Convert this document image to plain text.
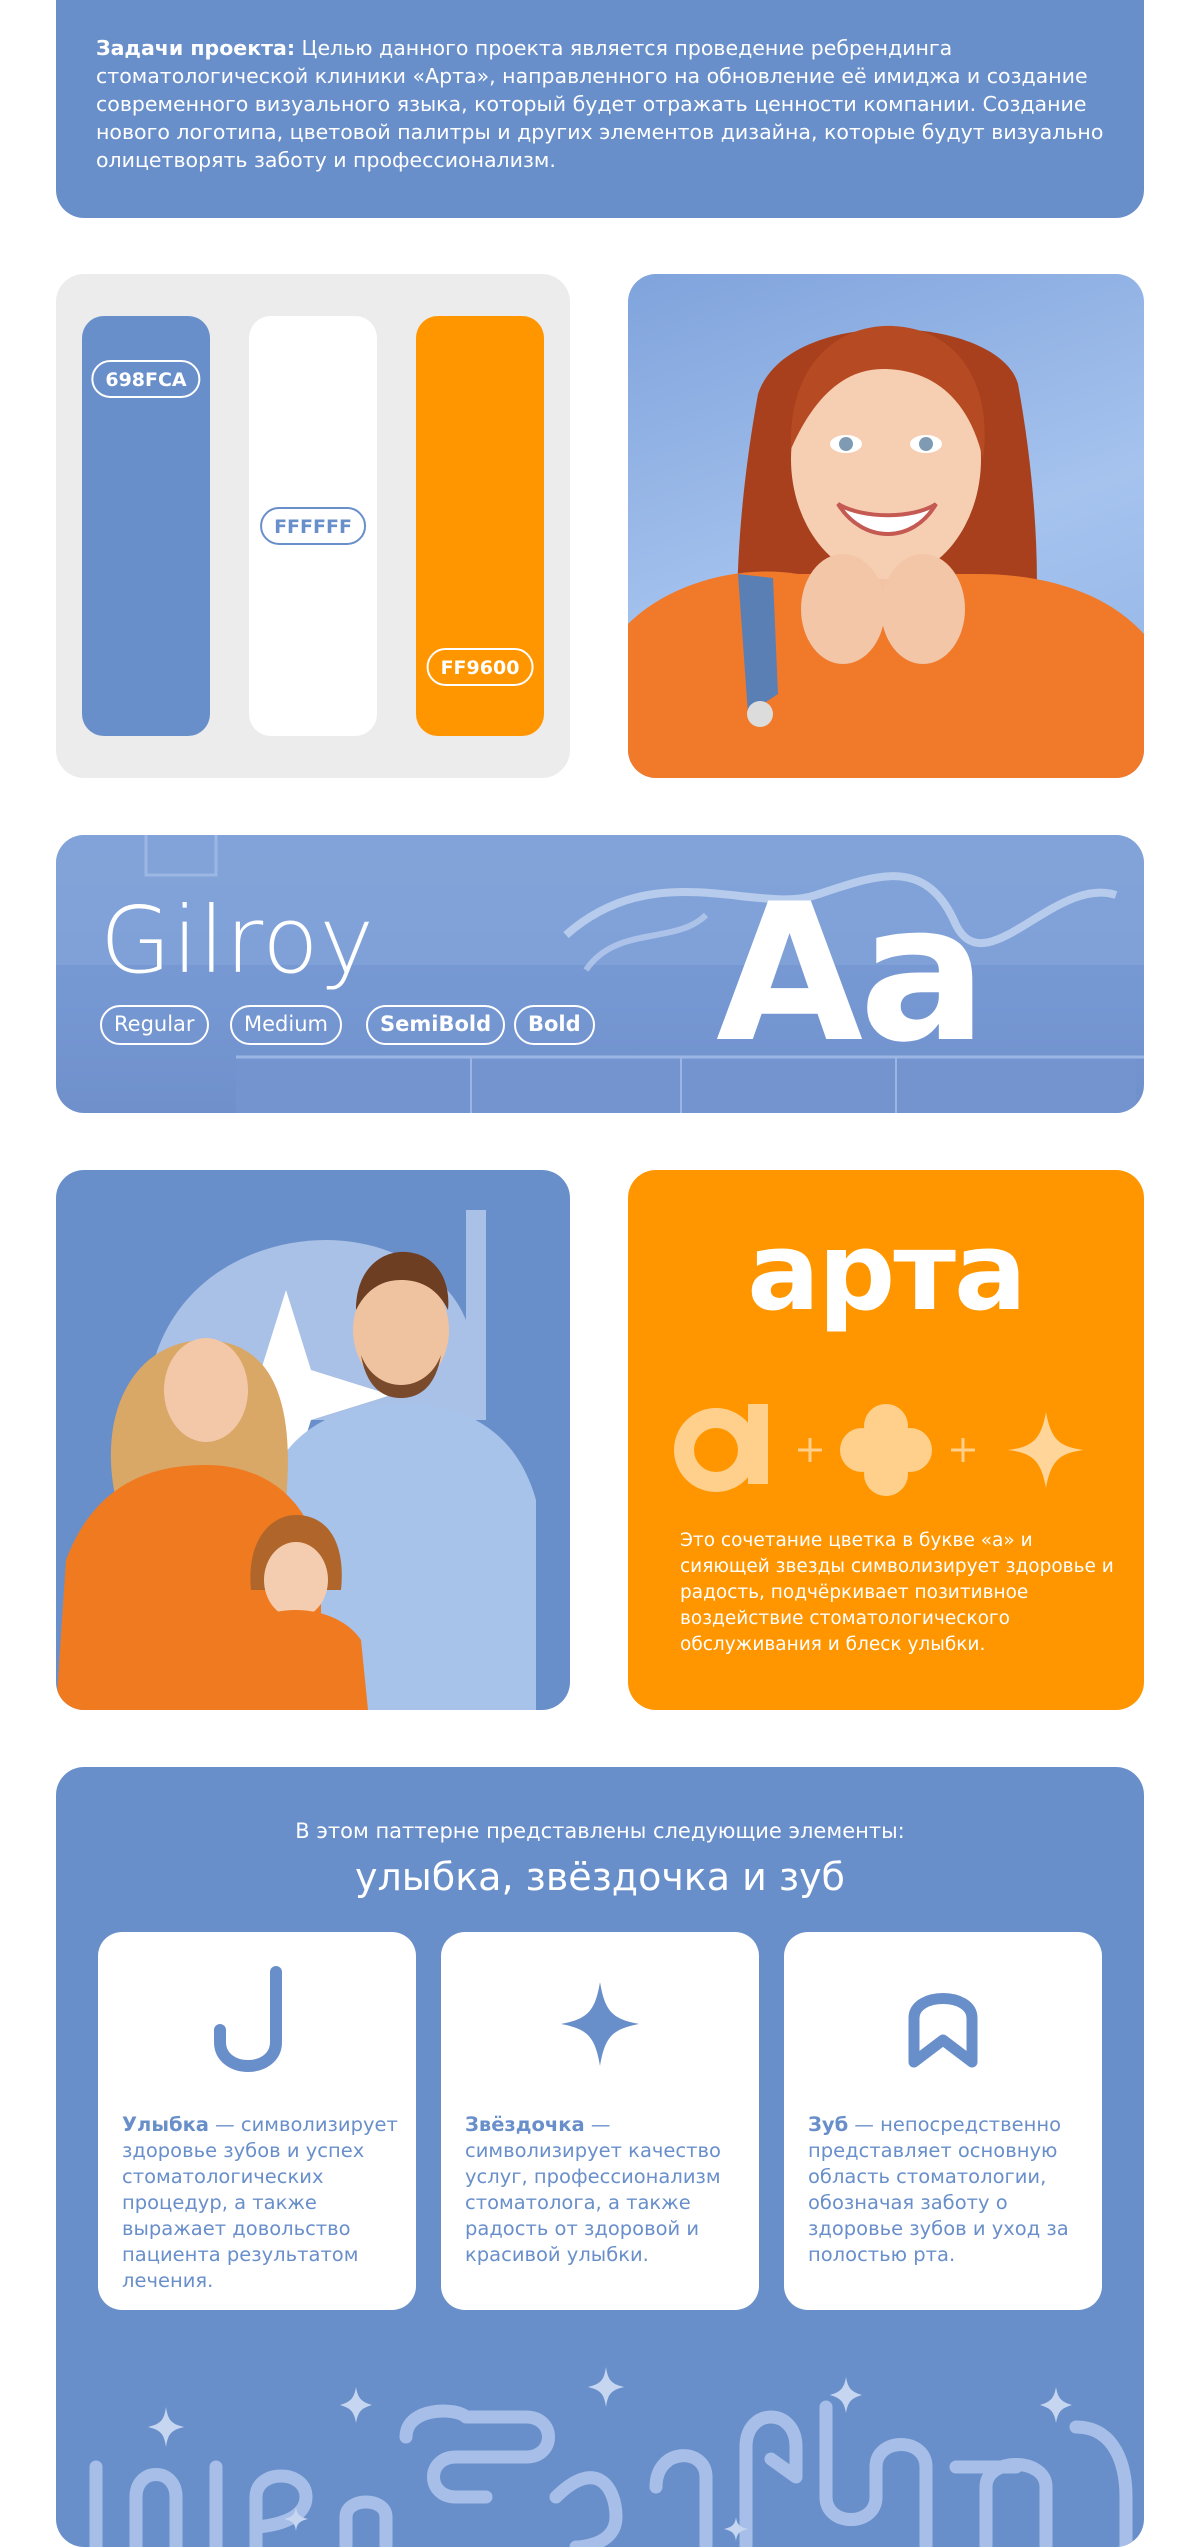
Задачи проекта: Целью данного проекта является проведение ребрендинга стоматологической клиники «Арта», направленного на обновление её имиджа и создание современного визуального языка, который будет отражать ценности компании. Создание нового логотипа, цветовой палитры и других элементов дизайна, которые будут визуально олицетворять заботу и профессионализм.

698FCA
FFFFFF
FF9600
Gilroy
Regular	Medium	SemiBold	Bold Aa
арта

Это сочетание цветка в букве «а» и сияющей звезды символизирует здоровье и радость, подчёркивает позитивное воздействие стоматологического обслуживания и блеск улыбки.

В этом паттерне представлены следующие элементы:
улыбка, звёздочка и зуб

Улыбка — символизирует здоровье зубов и успех стоматологических процедур, а также выражает довольство пациента результатом лечения.

Звёздочка — символизирует качество услуг, профессионализм стоматолога, а также радость от здоровой и красивой улыбки.

Зуб — непосредственно представляет основную область стоматологии, обозначая заботу о здоровье зубов и уход за полостью рта.
